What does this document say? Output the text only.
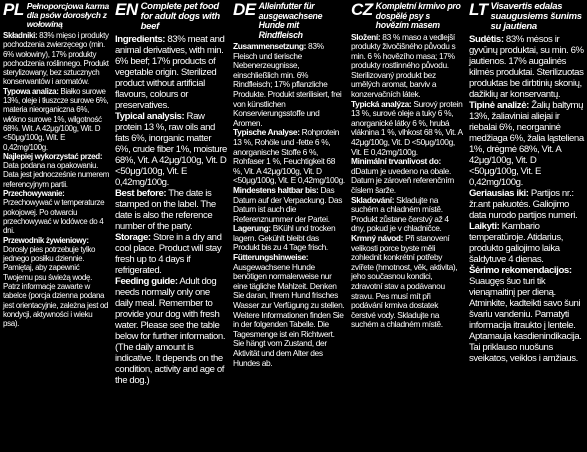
PL Pełnoporcjowa karma dla psów dorosłych z wołowiną

Składniki: 83% mięso i produkty pochodzenia zwierzęcego (min. 6% wołowiny), 17% produkty pochodzenia roślinnego. Produkt sterylizowany, bez sztucznych konserwantów i aromatów.

Typowa analiza: Białko surowe 13%, oleje i tłuszcze surowe 6%, materia nieorganiczna 6%, włókno surowe 1%, wilgotność 68%. Wit. A 42μg/100g, Wit. D <50μg/100g, Wit. E 0,42mg/100g.

Najlepiej wykorzystać przed: Data podana na opakowaniu. Data jest jednocześnie numerem referencyjnym partii.

Przechowywanie: Przechowywać w temperaturze pokojowej. Po otwarciu przechowywać w lodówce do 4 dni.

Przewodnik żywieniowy: Dorosły pies potrzebuje tylko jednego posiłku dziennie. Pamiętaj, aby zapewnić Twojemu psu świeżą wodę. Patrz informacje zawarte w tabelce (porcja dzienna podana jest orientacyjnie, zależna jest od kondycji, aktywności i wieku psa).

EN Complete pet food for adult dogs with beef

Ingredients: 83% meat and animal derivatives, with min. 6% beef; 17% products of vegetable origin. Sterilized product without artificial flavours, colours or preservatives.

Typical analysis: Raw protein 13 %, raw oils and fats 6%, inorganic matter 6%, crude fiber 1%, moisture 68%, Vit. A 42μg/100g, Vit. D <50μg/100g, Vit. E 0,42mg/100g.

Best before: The date is stamped on the label. The date is also the reference number of the party.

Storage: Store in a dry and cool place. Product will stay fresh up to 4 days if refrigerated.

Feeding guide: Adult dog needs normally only one daily meal. Remember to provide your dog with fresh water. Please see the table below for further information. (The daily amount is indicative. It depends on the condition, activity and age of the dog.)

DE Alleinfutter für ausgewachsene Hunde mit Rindfleisch

Zusammensetzung: 83% Fleisch und tierische Nebenerzeugnisse, einschließlich min. 6% Rindfleisch; 17% pflanzliche Produkte. Produkt sterilisiert, frei von künstlichen Konservierungsstoffe und Aromen.

Typische Analyse: Rohprotein 13 %, Rohöle und -fette 6 %, anorganische Stoffe 6 %, Rohfaser 1 %, Feuchtigkeit 68 %, Vit. A 42μg/100g, Vit. D <50μg/100g, Vit. E 0,42mg/100g.

Mindestens haltbar bis: Das Datum auf der Verpackung. Das Datum ist auch die Referenznummer der Partei.

Lagerung: BKühl und trocken lagern. Gekühlt bleibt das Produkt bis zu 4 Tage frisch.

Fütterungshinweise: Ausgewachsene Hunde benötigen normalerweise nur eine tägliche Mahlzeit. Denken Sie daran, Ihrem Hund frisches Wasser zur Verfügung zu stellen. Weitere Informationen finden Sie in der folgenden Tabelle. Die Tagesmenge ist ein Richtwert. Sie hängt vom Zustand, der Aktivität und dem Alter des Hundes ab.

CZ Kompletní krmivo pro dospělé psy s hovězím masem

Složení: 83 % maso a vedlejší produkty živočišného původu s min. 6 % hovězího masa; 17% produkty rostlinného původu. Sterilizovaný produkt bez umělých aromat, barviv a konzervačních látek.

Typická analýza: Surový protein 13 %, surové oleje a tuky 6 %, anorganické látky 6 %, hrubá vláknina 1 %, vlhkost 68 %, Vit. A 42μg/100g, Vit. D <50μg/100g, Vit. E 0,42mg/100g.

Minimální trvanlivost do: dDatum je uvedeno na obale. Datum je zároveň referenčním číslem šarže.

Skladování: Skladujte na suchém a chladném místě. Produkt zůstane čerstvý až 4 dny, pokud je v chladničce.

Krmný návod: Při stanovení velikosti porce byste měli zohlednit konkrétní potřeby zvířete (hmotnost, věk, aktivita), jeho současnou kondici, zdravotní stav a podávanou stravu. Pes musí mít při podávání krmiva dostatek čerstvé vody. Skladujte na suchém a chladném místě.

LT Visavertis edalas suaugusiems šunims su jautiena

Sudėtis: 83% mėsos ir gyvūnų produktai, su min. 6% jautienos. 17% augalinės kilmės produktai. Sterilizuotas produktas be dirbtinių skonių, dažiklių ar konservantų.

Tipinė analizė: Žalių baltymų 13%, žaliaviniai aliejai ir riebalai 6%, neorganinė medžiaga 6%, žalia ląsteliena 1%, drėgmė 68%, Vit. A 42μg/100g, Vit. D <50μg/100g, Vit. E 0,42mg/100g.

Geriausias iki: Partijos nr.: žr.ant pakuotės. Galiojimo data nurodo partijos numeri.

Laikyti: Kambario temperatūroje. Atidarius, produkto galiojimo laika šaldytuve 4 dienas.

Šėrimo rekomendacijos: Suaugęs šuo turi tik vienąmaitinį per dieną. Atminkite, kadteikti savo šuni švariu vandeniu. Pamatyti informacija itraukto į lentele. Aptamauja kasdienindikacija. Tai priklauso nuošuns sveikatos, veiklos i amžiaus.
